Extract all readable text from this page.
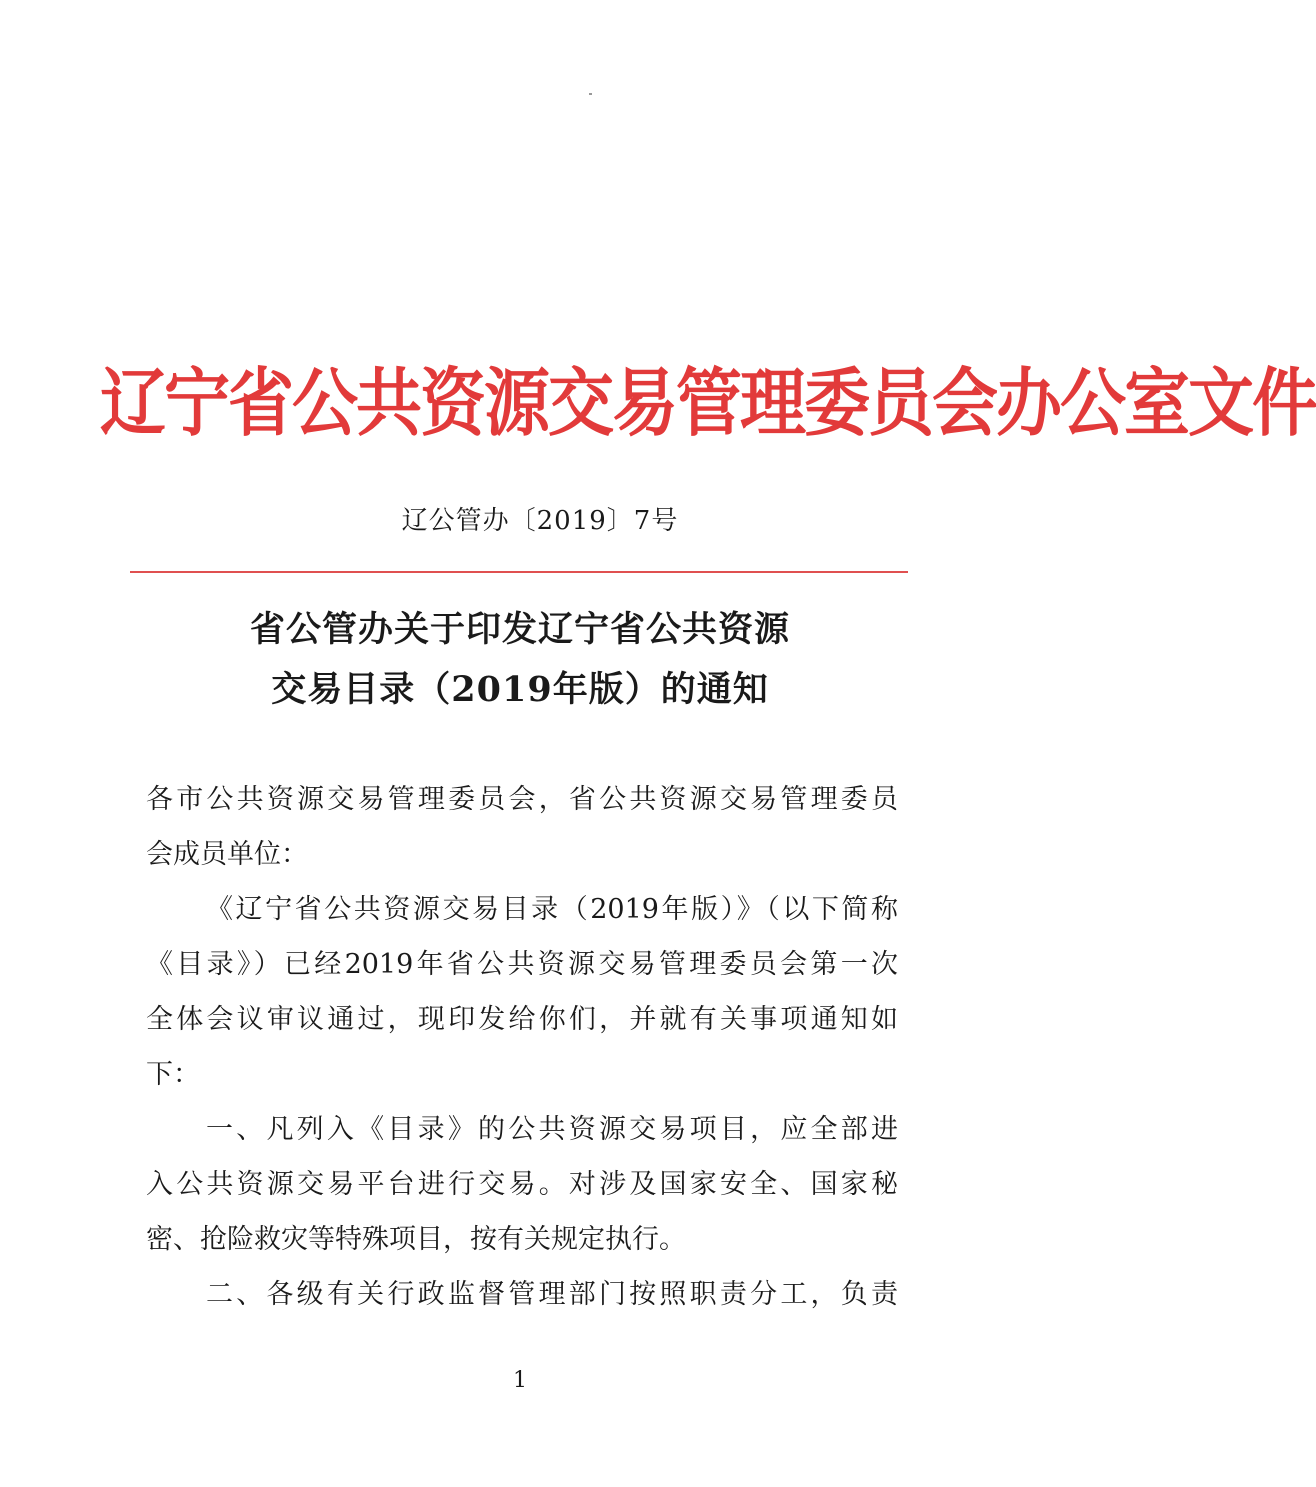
辽宁省公共资源交易管理委员会办公室文件
辽公管办〔2019〕7号
省公管办关于印发辽宁省公共资源
交易目录（2019年版）的通知
各市公共资源交易管理委员会，省公共资源交易管理委员
会成员单位：
《辽宁省公共资源交易目录（2019年版）》（以下简称
《目录》）已经2019年省公共资源交易管理委员会第一次
全体会议审议通过，现印发给你们，并就有关事项通知如
下：
一、凡列入《目录》的公共资源交易项目，应全部进
入公共资源交易平台进行交易。对涉及国家安全、国家秘
密、抢险救灾等特殊项目，按有关规定执行。
二、各级有关行政监督管理部门按照职责分工，负责
1
